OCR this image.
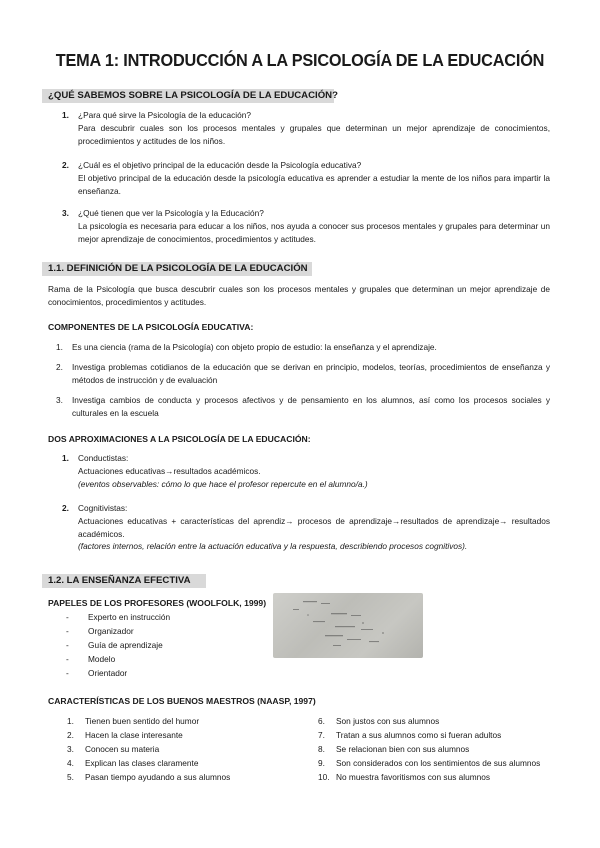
TEMA 1: INTRODUCCIÓN A LA PSICOLOGÍA DE LA EDUCACIÓN
¿QUÉ SABEMOS SOBRE LA PSICOLOGÍA DE LA EDUCACIÓN?
1.	¿Para qué sirve la Psicología de la educación?
Para descubrir cuales son los procesos mentales y grupales que determinan un mejor aprendizaje de conocimientos, procedimientos y actitudes de los niños.
2.	¿Cuál es el objetivo principal de la educación desde la Psicología educativa?
El objetivo principal de la educación desde la psicología educativa es aprender a estudiar la mente de los niños para impartir la enseñanza.
3.	¿Qué tienen que ver la Psicología y la Educación?
La psicología es necesaria para educar a los niños, nos ayuda a conocer sus procesos mentales y grupales para determinar un mejor aprendizaje de conocimientos, procedimientos y actitudes.
1.1. DEFINICIÓN DE LA PSICOLOGÍA DE LA EDUCACIÓN
Rama de la Psicología que busca descubrir cuales son los procesos mentales y grupales que determinan un mejor aprendizaje de conocimientos, procedimientos y actitudes.
COMPONENTES DE LA PSICOLOGÍA EDUCATIVA:
1.	Es una ciencia (rama de la Psicología) con objeto propio de estudio: la enseñanza y el aprendizaje.
2.	Investiga problemas cotidianos de la educación que se derivan en principio, modelos, teorías, procedimientos de enseñanza y métodos de instrucción y de evaluación
3.	Investiga cambios de conducta y procesos afectivos y de pensamiento en los alumnos, así como los procesos sociales y culturales en la escuela
DOS APROXIMACIONES A LA PSICOLOGÍA DE LA EDUCACIÓN:
1.	Conductistas:
Actuaciones educativas→resultados académicos.
(eventos observables: cómo lo que hace el profesor repercute en el alumno/a.)
2.	Cognitivistas:
Actuaciones educativas + características del aprendiz→ procesos de aprendizaje→resultados de aprendizaje→ resultados académicos.
(factores internos, relación entre la actuación educativa y la respuesta, describiendo procesos cognitivos).
1.2. LA ENSEÑANZA EFECTIVA
PAPELES DE LOS PROFESORES (WOOLFOLK, 1999)
- Experto en instrucción
- Organizador
- Guía de aprendizaje
- Modelo
- Orientador
CARACTERÍSTICAS DE LOS BUENOS MAESTROS (NAASP, 1997)
1. Tienen buen sentido del humor
2. Hacen la clase interesante
3. Conocen su materia
4. Explican las clases claramente
5. Pasan tiempo ayudando a sus alumnos
6. Son justos con sus alumnos
7. Tratan a sus alumnos como si fueran adultos
8. Se relacionan bien con sus alumnos
9. Son considerados con los sentimientos de sus alumnos
10. No muestra favoritismos con sus alumnos
